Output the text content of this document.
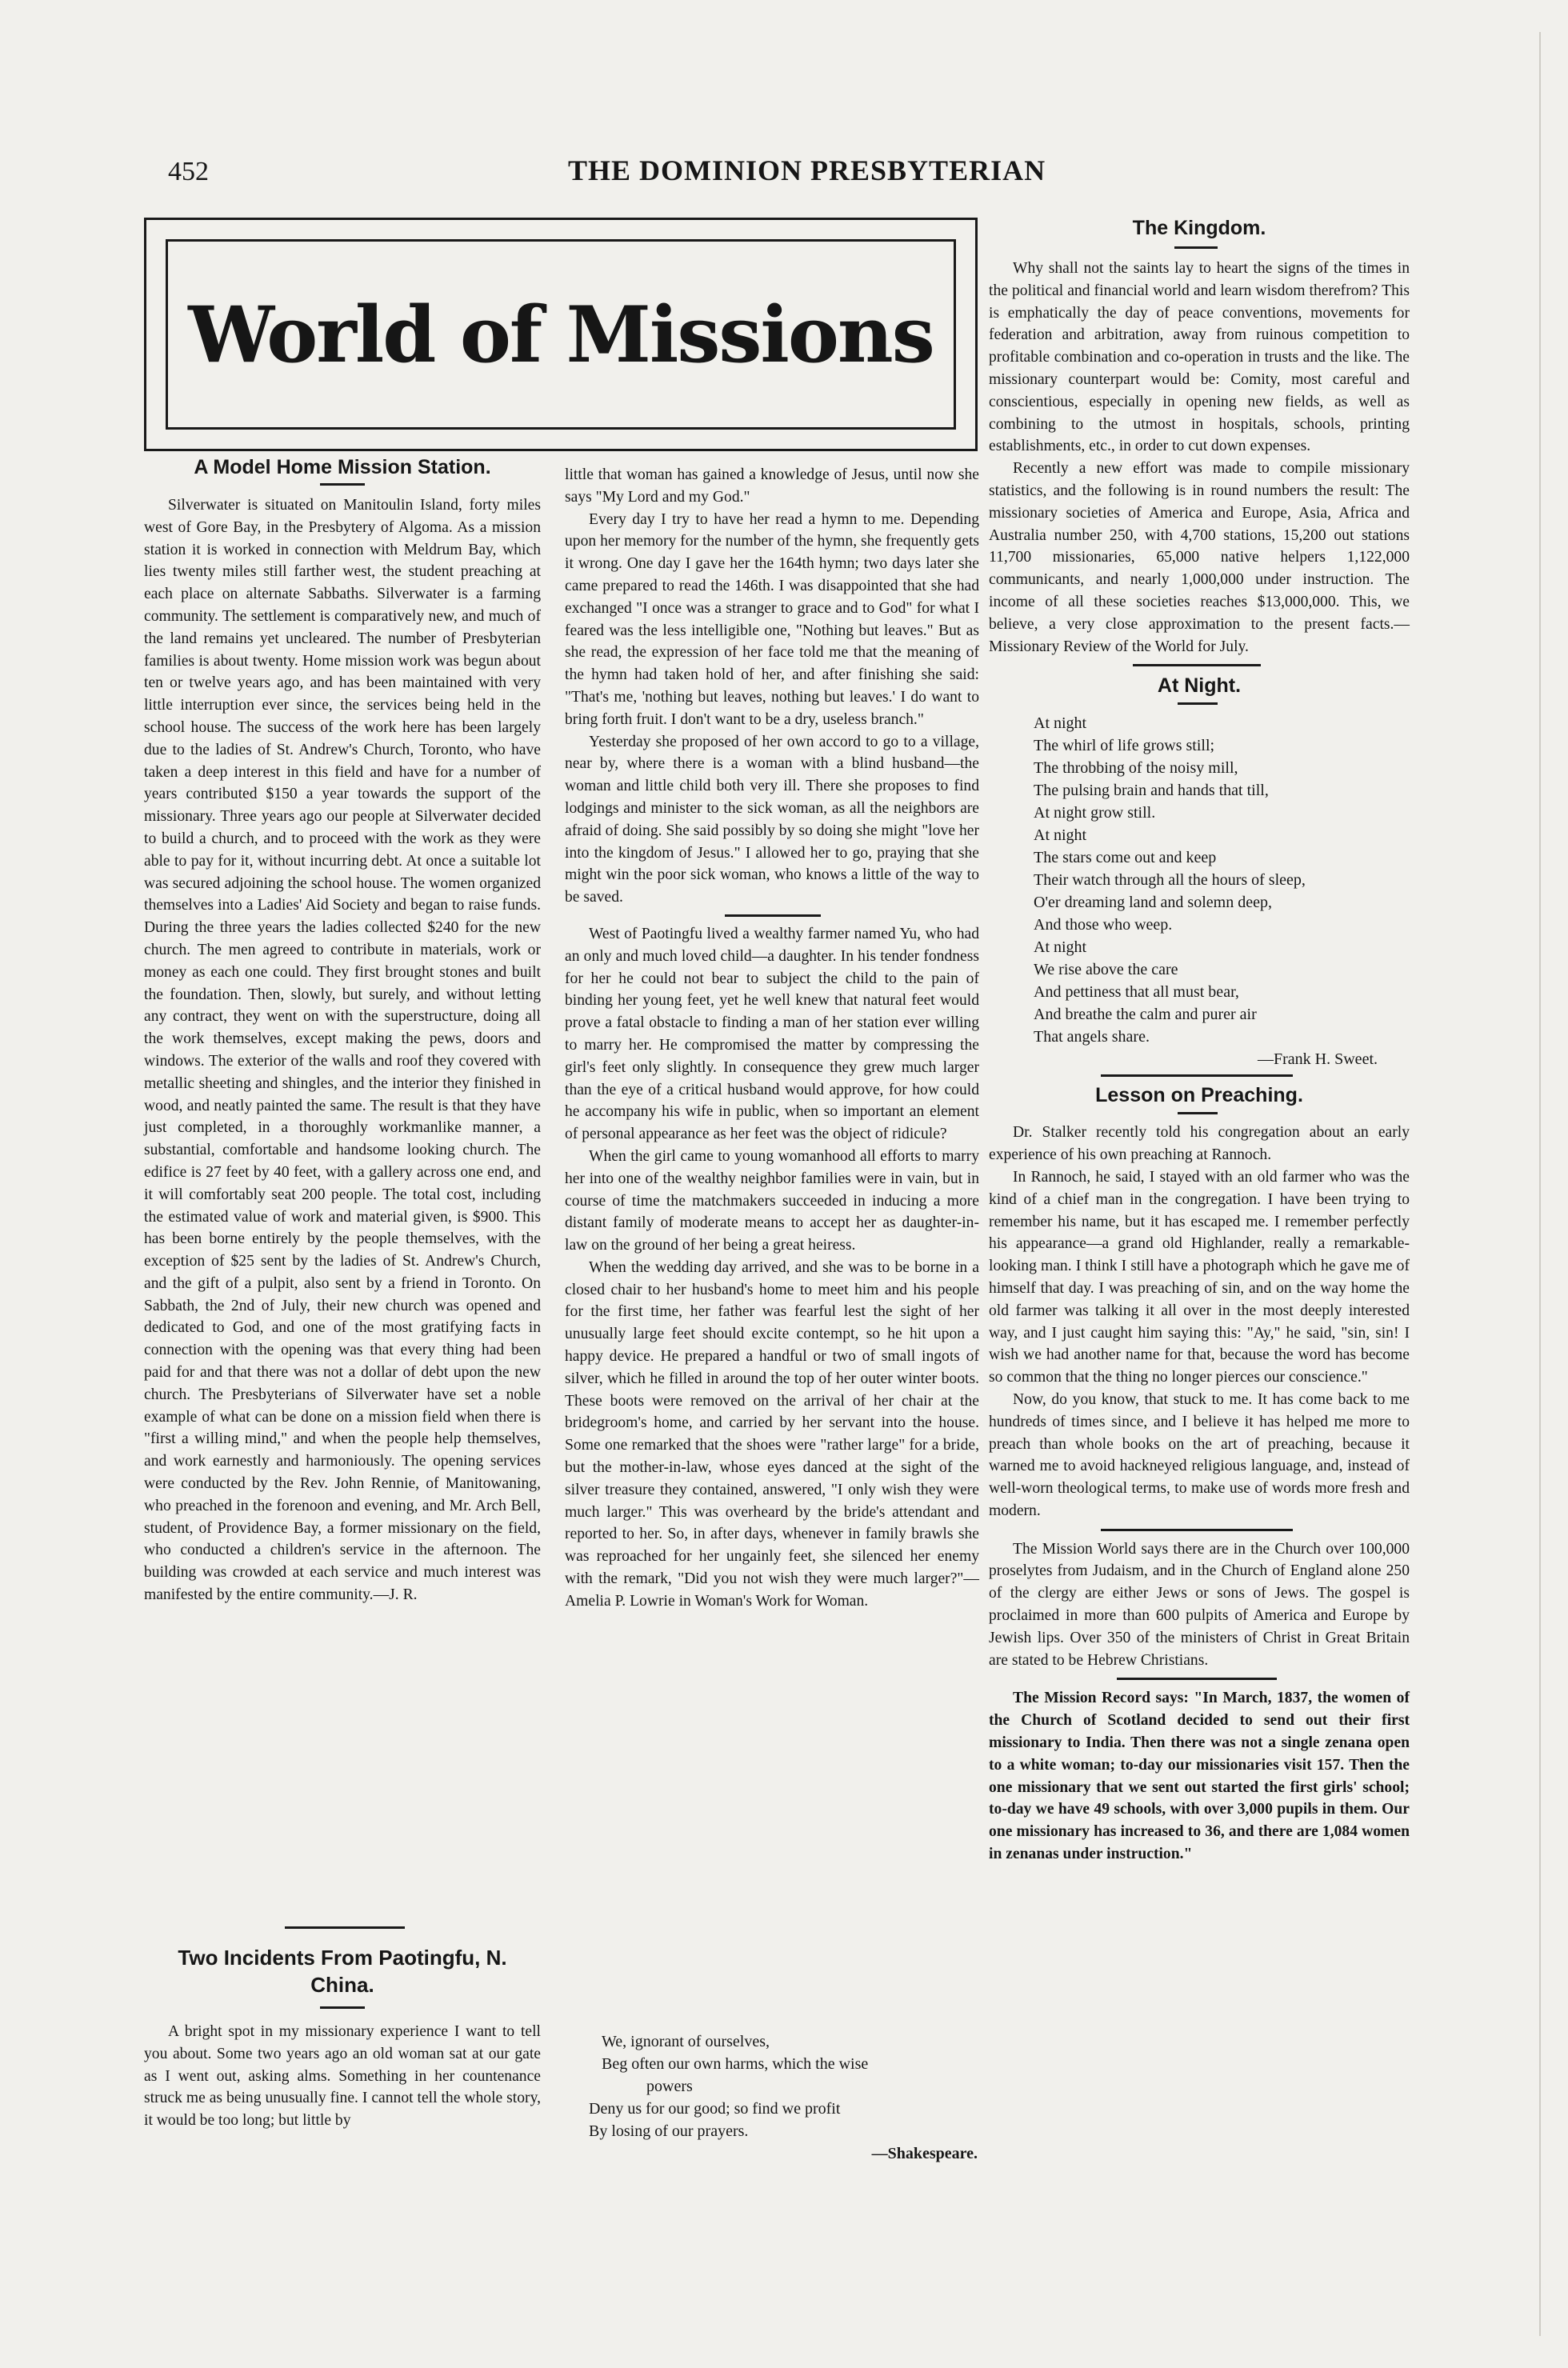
452	THE DOMINION PRESBYTERIAN
World of Missions
A Model Home Mission Station.

Silverwater is situated on Manitoulin Island, forty miles west of Gore Bay, in the Presbytery of Algoma. As a mission station it is worked in connection with Meldrum Bay, which lies twenty miles still farther west, the student preaching at each place on alternate Sabbaths. Silverwater is a farming community. The settlement is comparatively new, and much of the land remains yet uncleared. The number of Presbyterian families is about twenty. Home mission work was begun about ten or twelve years ago, and has been maintained with very little interruption ever since, the services being held in the school house. The success of the work here has been largely due to the ladies of St. Andrew's Church, Toronto, who have taken a deep interest in this field and have for a number of years contributed $150 a year towards the support of the missionary. Three years ago our people at Silverwater decided to build a church, and to proceed with the work as they were able to pay for it, without incurring debt. At once a suitable lot was secured adjoining the school house. The women organized themselves into a Ladies' Aid Society and began to raise funds. During the three years the ladies collected $240 for the new church. The men agreed to contribute in materials, work or money as each one could. They first brought stones and built the foundation. Then, slowly, but surely, and without letting any contract, they went on with the superstructure, doing all the work themselves, except making the pews, doors and windows. The exterior of the walls and roof they covered with metallic sheeting and shingles, and the interior they finished in wood, and neatly painted the same. The result is that they have just completed, in a thoroughly workmanlike manner, a substantial, comfortable and handsome looking church. The edifice is 27 feet by 40 feet, with a gallery across one end, and it will comfortably seat 200 people. The total cost, including the estimated value of work and material given, is $900. This has been borne entirely by the people themselves, with the exception of $25 sent by the ladies of St. Andrew's Church, and the gift of a pulpit, also sent by a friend in Toronto. On Sabbath, the 2nd of July, their new church was opened and dedicated to God, and one of the most gratifying facts in connection with the opening was that every thing had been paid for and that there was not a dollar of debt upon the new church. The Presbyterians of Silverwater have set a noble example of what can be done on a mission field when there is "first a willing mind," and when the people help themselves, and work earnestly and harmoniously. The opening services were conducted by the Rev. John Rennie, of Manitowaning, who preached in the forenoon and evening, and Mr. Arch Bell, student, of Providence Bay, a former missionary on the field, who conducted a children's service in the afternoon. The building was crowded at each service and much interest was manifested by the entire community.—J. R.

Two Incidents From Paotingfu, N.
China.

A bright spot in my missionary experience I want to tell you about. Some two years ago an old woman sat at our gate as I went out, asking alms. Something in her countenance struck me as being unusually fine. I cannot tell the whole story, it would be too long; but little by

little that woman has gained a knowledge of Jesus, until now she says "My Lord and my God."

Every day I try to have her read a hymn to me. Depending upon her memory for the number of the hymn, she frequently gets it wrong. One day I gave her the 164th hymn; two days later she came prepared to read the 146th. I was disappointed that she had exchanged "I once was a stranger to grace and to God" for what I feared was the less intelligible one, "Nothing but leaves." But as she read, the expression of her face told me that the meaning of the hymn had taken hold of her, and after finishing she said: "That's me, 'nothing but leaves, nothing but leaves.' I do want to bring forth fruit. I don't want to be a dry, useless branch."

Yesterday she proposed of her own accord to go to a village, near by, where there is a woman with a blind husband—the woman and little child both very ill. There she proposes to find lodgings and minister to the sick woman, as all the neighbors are afraid of doing. She said possibly by so doing she might "love her into the kingdom of Jesus." I allowed her to go, praying that she might win the poor sick woman, who knows a little of the way to be saved.

West of Paotingfu lived a wealthy farmer named Yu, who had an only and much loved child—a daughter. In his tender fondness for her he could not bear to subject the child to the pain of binding her young feet, yet he well knew that natural feet would prove a fatal obstacle to finding a man of her station ever willing to marry her. He compromised the matter by compressing the girl's feet only slightly. In consequence they grew much larger than the eye of a critical husband would approve, for how could he accompany his wife in public, when so important an element of personal appearance as her feet was the object of ridicule?

When the girl came to young womanhood all efforts to marry her into one of the wealthy neighbor families were in vain, but in course of time the matchmakers succeeded in inducing a more distant family of moderate means to accept her as daughter-in-law on the ground of her being a great heiress.

When the wedding day arrived, and she was to be borne in a closed chair to her husband's home to meet him and his people for the first time, her father was fearful lest the sight of her unusually large feet should excite contempt, so he hit upon a happy device. He prepared a handful or two of small ingots of silver, which he filled in around the top of her outer winter boots. These boots were removed on the arrival of her chair at the bridegroom's home, and carried by her servant into the house. Some one remarked that the shoes were "rather large" for a bride, but the mother-in-law, whose eyes danced at the sight of the silver treasure they contained, answered, "I only wish they were much larger." This was overheard by the bride's attendant and reported to her. So, in after days, whenever in family brawls she was reproached for her ungainly feet, she silenced her enemy with the remark, "Did you not wish they were much larger?"—Amelia P. Lowrie in Woman's Work for Woman.

We, ignorant of ourselves,
Beg often our own harms, which the wise
powers
Deny us for our good; so find we profit
By losing of our prayers.
—Shakespeare.
The Kingdom.

Why shall not the saints lay to heart the signs of the times in the political and financial world and learn wisdom therefrom? This is emphatically the day of peace conventions, movements for federation and arbitration, away from ruinous competition to profitable combination and co-operation in trusts and the like. The missionary counterpart would be: Comity, most careful and conscientious, especially in opening new fields, as well as combining to the utmost in hospitals, schools, printing establishments, etc., in order to cut down expenses.

Recently a new effort was made to compile missionary statistics, and the following is in round numbers the result: The missionary societies of America and Europe, Asia, Africa and Australia number 250, with 4,700 stations, 15,200 out stations 11,700 missionaries, 65,000 native helpers 1,122,000 communicants, and nearly 1,000,000 under instruction. The income of all these societies reaches $13,000,000. This, we believe, a very close approximation to the present facts.—Missionary Review of the World for July.

At Night.
At night
The whirl of life grows still;
The throbbing of the noisy mill,
The pulsing brain and hands that till,
At night grow still.
At night
The stars come out and keep
Their watch through all the hours of sleep,
O'er dreaming land and solemn deep,
And those who weep.
At night
We rise above the care
And pettiness that all must bear,
And breathe the calm and purer air
That angels share.
—Frank H. Sweet.
Lesson on Preaching.

Dr. Stalker recently told his congregation about an early experience of his own preaching at Rannoch.

In Rannoch, he said, I stayed with an old farmer who was the kind of a chief man in the congregation. I have been trying to remember his name, but it has escaped me. I remember perfectly his appearance—a grand old Highlander, really a remarkable-looking man. I think I still have a photograph which he gave me of himself that day. I was preaching of sin, and on the way home the old farmer was talking it all over in the most deeply interested way, and I just caught him saying this: "Ay," he said, "sin, sin! I wish we had another name for that, because the word has become so common that the thing no longer pierces our conscience."

Now, do you know, that stuck to me. It has come back to me hundreds of times since, and I believe it has helped me more to preach than whole books on the art of preaching, because it warned me to avoid hackneyed religious language, and, instead of well-worn theological terms, to make use of words more fresh and modern.

The Mission World says there are in the Church over 100,000 proselytes from Judaism, and in the Church of England alone 250 of the clergy are either Jews or sons of Jews. The gospel is proclaimed in more than 600 pulpits of America and Europe by Jewish lips. Over 350 of the ministers of Christ in Great Britain are stated to be Hebrew Christians.

The Mission Record says: "In March, 1837, the women of the Church of Scotland decided to send out their first missionary to India. Then there was not a single zenana open to a white woman; to-day our missionaries visit 157. Then the one missionary that we sent out started the first girls' school; to-day we have 49 schools, with over 3,000 pupils in them. Our one missionary has increased to 36, and there are 1,084 women in zenanas under instruction."
